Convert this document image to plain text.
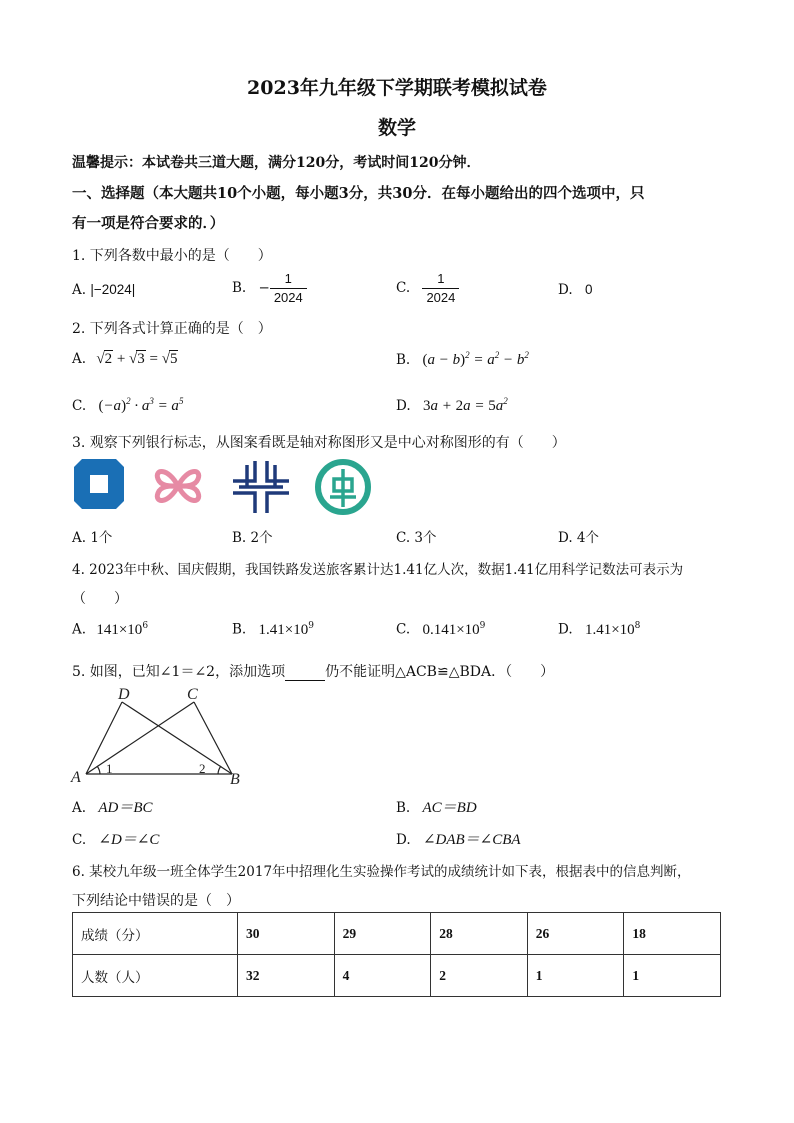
2023年九年级下学期联考模拟试卷
数学
温馨提示：本试卷共三道大题，满分120分，考试时间120分钟．
一、选择题（本大题共10个小题，每小题3分，共30分．在每小题给出的四个选项中，只
有一项是符合要求的．）
1. 下列各数中最小的是（　　）
A. |−2024|	B. − $\frac{1}{2024}$	C. $\frac{1}{2024}$	D. 0
2. 下列各式计算正确的是（　）
A. √2 + √3 = √5	B. $(a - b)^2 = a^2 - b^2$
C. $(-a)^2 \cdot a^3 = a^5$	D. $3a + 2a = 5a^2$
3. 观察下列银行标志，从图案看既是轴对称图形又是中心对称图形的有（　　）
A. 1个	B. 2个	C. 3个	D. 4个
4. 2023年中秋、国庆假期，我国铁路发送旅客累计达1.41亿人次，数据1.41亿用科学记数法可表示为
（　　）
A. $141\times 10^6$	B. $1.41\times 10^9$	C. $0.141\times 10^9$	D. $1.41\times 10^8$
5. 如图，已知∠1＝∠2，添加选项	仍不能证明△ACB≌△BDA．（　　）
D	C
A	B
1	2
A. AD＝BC	B. AC＝BD
C. ∠D＝∠C	D. ∠DAB＝∠CBA
6. 某校九年级一班全体学生2017年中招理化生实验操作考试的成绩统计如下表，根据表中的信息判断，
下列结论中错误的是（　）
成绩（分）	30	29	28	26	18
人数（人）	32	4	2	1	1
